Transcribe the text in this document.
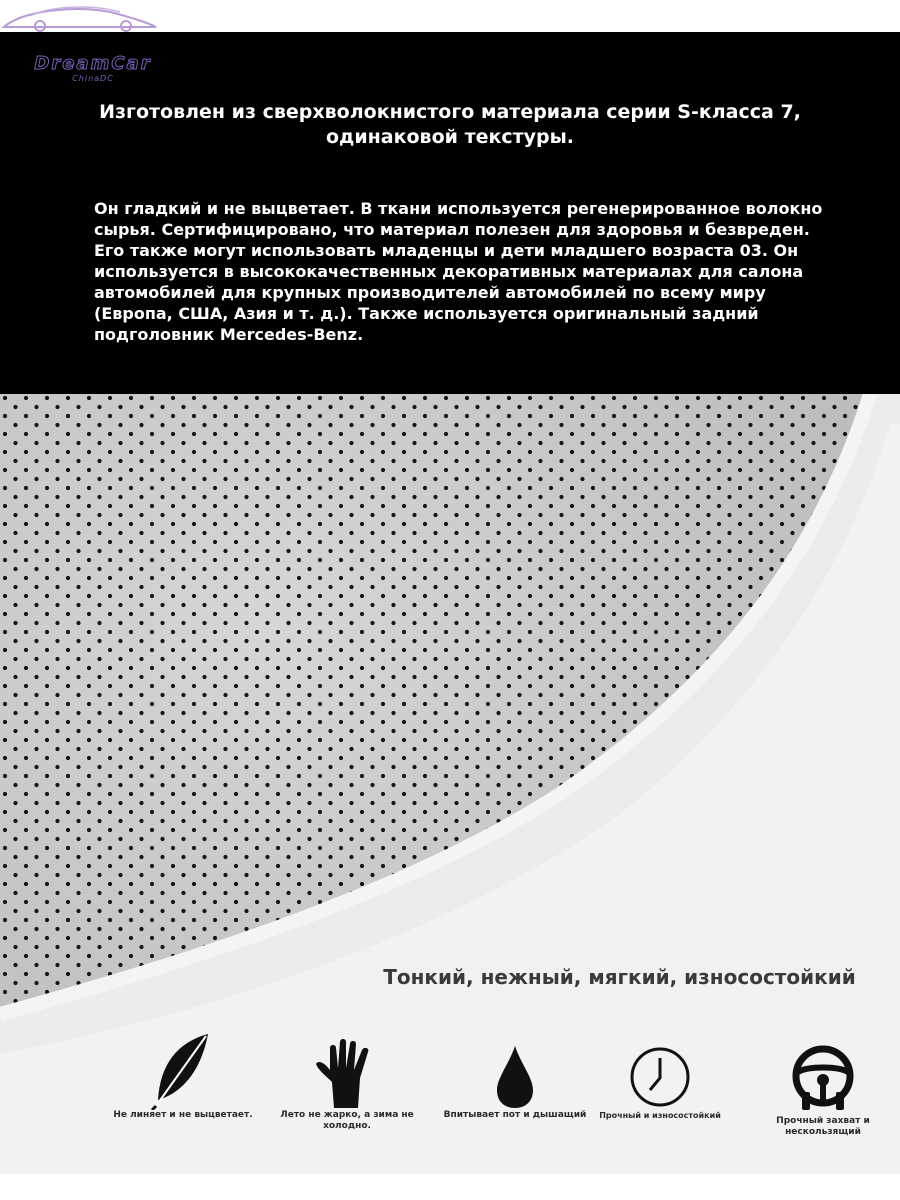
DreamCar
ChinaDC
Изготовлен из сверхволокнистого материала серии S-класса 7, одинаковой текстуры.
Он гладкий и не выцветает. В ткани используется регенерированное волокно сырья. Сертифицировано, что материал полезен для здоровья и безвреден. Его также могут использовать младенцы и дети младшего возраста 03. Он используется в высококачественных декоративных материалах для салона автомобилей для крупных производителей автомобилей по всему миру (Европа, США, Азия и т. д.). Также используется оригинальный задний подголовник Mercedes-Benz.
Тонкий, нежный, мягкий, износостойкий
Не линяет и не выцветает.	Лето не жарко, а зима не холодно.
Впитывает пот и дышащий	Прочный и износостойкий
Прочный захват и нескользящий
